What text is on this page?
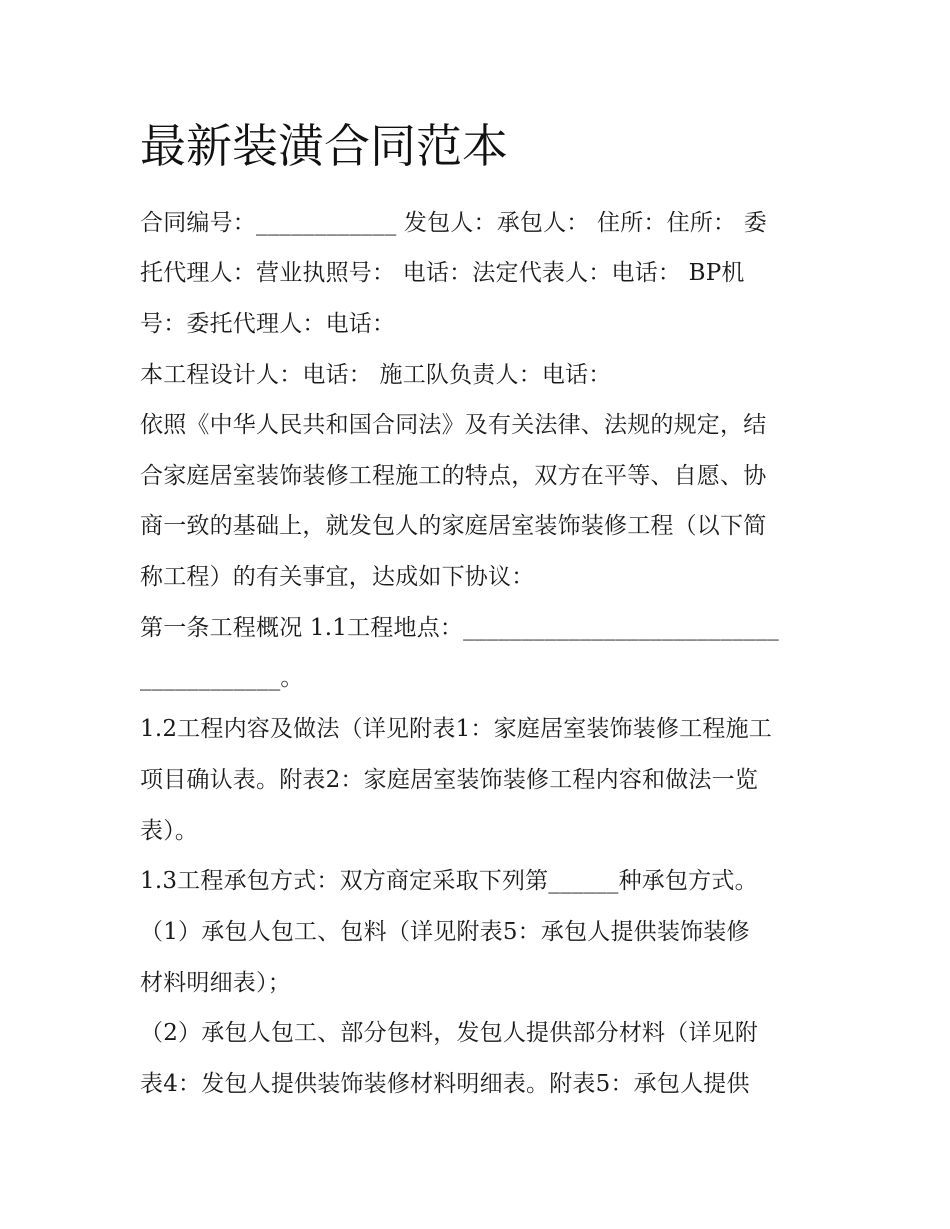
最新装潢合同范本

合同编号：____________ 发包人：承包人： 住所：住所： 委

托代理人：营业执照号： 电话：法定代表人：电话： BP机

号：委托代理人：电话：

本工程设计人：电话： 施工队负责人：电话：

依照《中华人民共和国合同法》及有关法律、法规的规定，结

合家庭居室装饰装修工程施工的特点，双方在平等、自愿、协

商一致的基础上，就发包人的家庭居室装饰装修工程（以下简

称工程）的有关事宜，达成如下协议：

第一条工程概况 1.1工程地点：___________________________

____________。

1.2工程内容及做法（详见附表1：家庭居室装饰装修工程施工

项目确认表。附表2：家庭居室装饰装修工程内容和做法一览

表）。

1.3工程承包方式：双方商定采取下列第______种承包方式。

（1）承包人包工、包料（详见附表5：承包人提供装饰装修

材料明细表）；

（2）承包人包工、部分包料，发包人提供部分材料（详见附

表4：发包人提供装饰装修材料明细表。附表5：承包人提供
